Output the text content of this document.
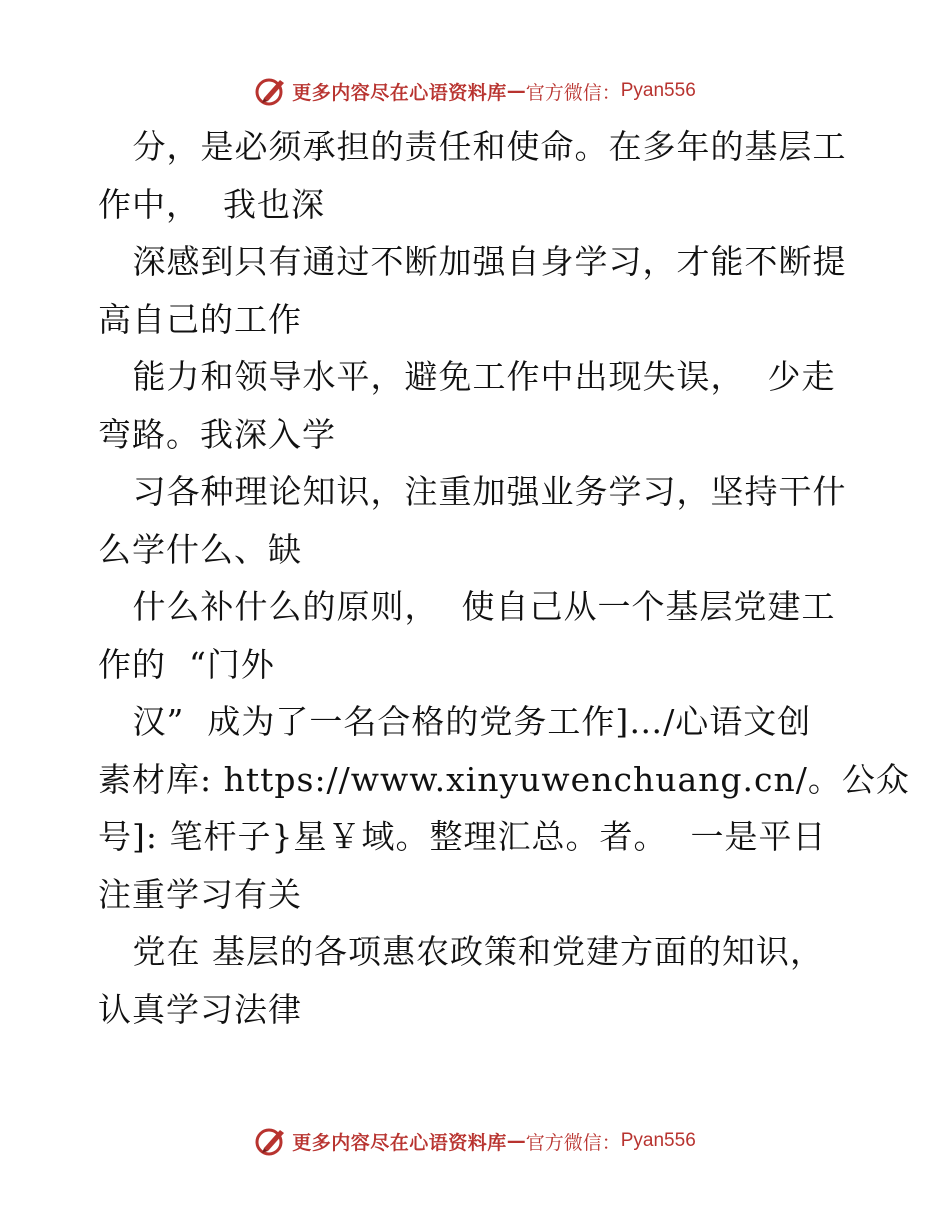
更多内容尽在心语资料库 — 官方微信： Pyan556
分，是必须承担的责任和使命。在多年的基层工
作中，  我也深
深感到只有通过不断加强自身学习，才能不断提
高自己的工作
能力和领导水平，避免工作中出现失误，  少走
弯路。我深入学
习各种理论知识，注重加强业务学习，坚持干什
么学什么、缺
什么补什么的原则，  使自己从一个基层党建工
作的  “门外
汉”  成为了一名合格的党务工作]…/心语文创
素材库: https://www.xinyuwenchuang.cn/。公众
号]: 笔杆子}星￥域。整理汇总。者。  一是平日
注重学习有关
党在 基层的各项惠农政策和党建方面的知识，
认真学习法律
更多内容尽在心语资料库 — 官方微信： Pyan556
